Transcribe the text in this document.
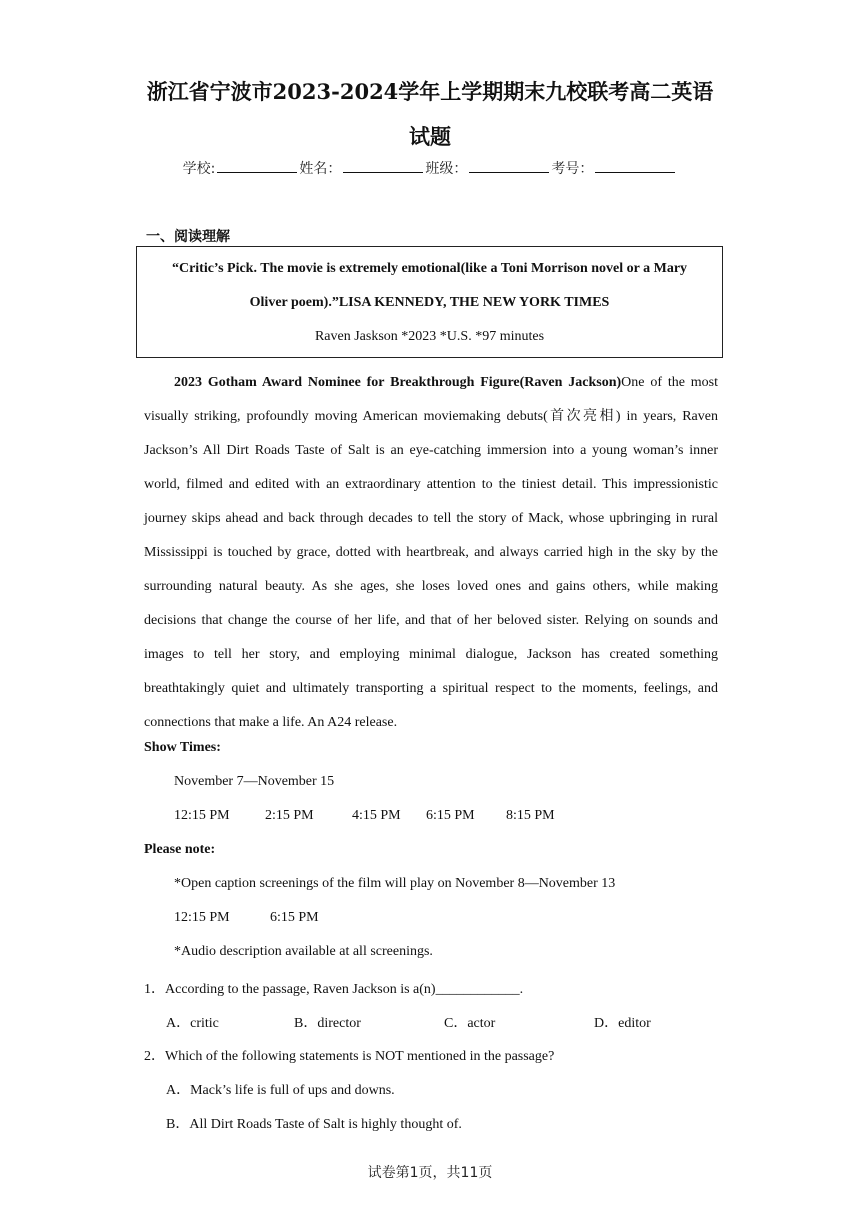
浙江省宁波市2023-2024学年上学期期末九校联考高二英语
试题
学校:	姓名：	班级：	考号：
一、阅读理解
“Critic’s Pick. The movie is extremely emotional(like a Toni Morrison novel or a Mary
Oliver poem).”LISA KENNEDY, THE NEW YORK TIMES
Raven Jaskson *2023 *U.S. *97 minutes

2023 Gotham Award Nominee for Breakthrough Figure(Raven Jackson)One of the most visually striking, profoundly moving American moviemaking debuts(首次亮相) in years, Raven Jackson’s All Dirt Roads Taste of Salt is an eye-catching immersion into a young woman’s inner world, filmed and edited with an extraordinary attention to the tiniest detail. This impressionistic journey skips ahead and back through decades to tell the story of Mack, whose upbringing in rural Mississippi is touched by grace, dotted with heartbreak, and always carried high in the sky by the surrounding natural beauty. As she ages, she loses loved ones and gains others, while making decisions that change the course of her life, and that of her beloved sister. Relying on sounds and images to tell her story, and employing minimal dialogue, Jackson has created something breathtakingly quiet and ultimately transporting a spiritual respect to the moments, feelings, and connections that make a life. An A24 release.

Show Times:
November 7—November 15
12:15 PM	2:15 PM	4:15 PM 6:15 PM 8:15 PM
Please note:
*Open caption screenings of the film will play on November 8—November 13
12:15 PM	6:15 PM
*Audio description available at all screenings.
1．According to the passage, Raven Jackson is a(n)____________.
A．critic	B．director	C．actor	D．editor
2．Which of the following statements is NOT mentioned in the passage?
A．Mack’s life is full of ups and downs.
B．All Dirt Roads Taste of Salt is highly thought of.
试卷第1页，共11页
